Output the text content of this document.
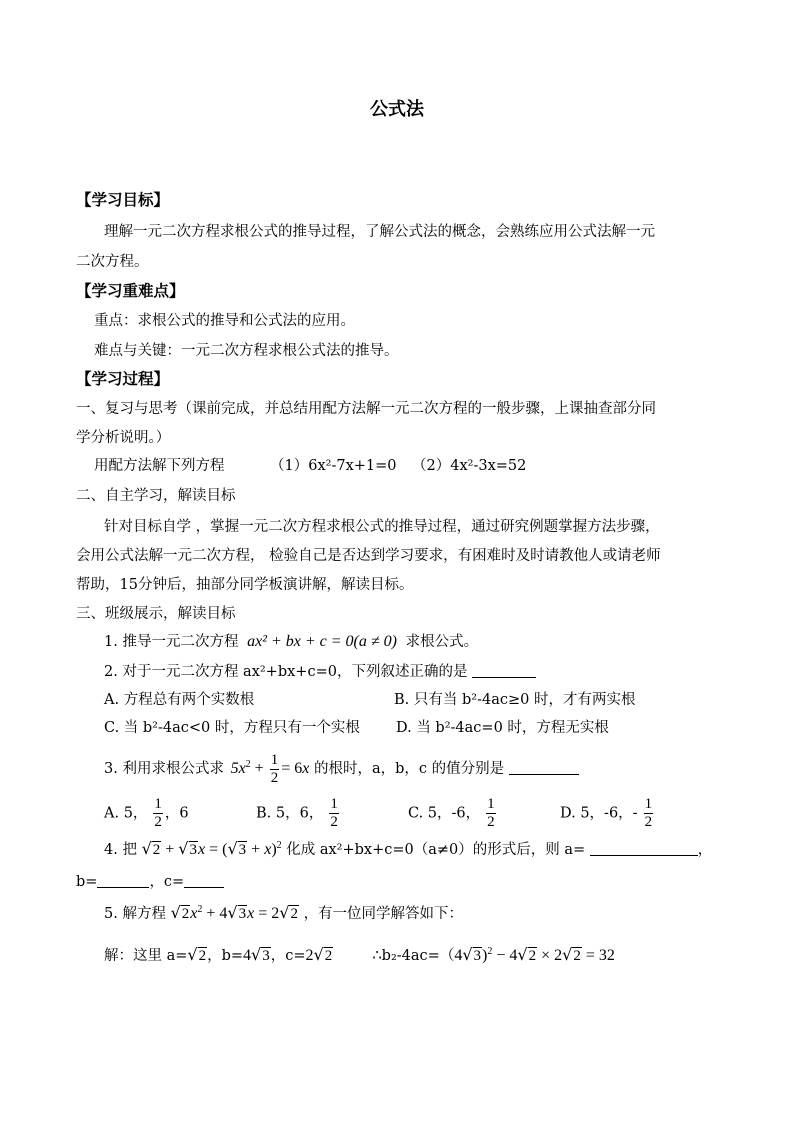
公式法
【学习目标】
理解一元二次方程求根公式的推导过程，了解公式法的概念，会熟练应用公式法解一元
二次方程。
【学习重难点】
重点：求根公式的推导和公式法的应用。
难点与关键：一元二次方程求根公式法的推导。
【学习过程】
一、复习与思考（课前完成，并总结用配方法解一元二次方程的一般步骤，上课抽查部分同
学分析说明。）
用配方法解下列方程	（1）6x²-7x+1=0 （2）4x²-3x=52
二、自主学习，解读目标
针对目标自学 ，掌握一元二次方程求根公式的推导过程，通过研究例题掌握方法步骤，
会用公式法解一元二次方程， 检验自己是否达到学习要求，有困难时及时请教他人或请老师
帮助，15分钟后，抽部分同学板演讲解，解读目标。
三、班级展示，解读目标
1. 推导一元二次方程 ax² + bx + c = 0(a ≠ 0) 求根公式。
2. 对于一元二次方程 ax²+bx+c=0，下列叙述正确的是
A. 方程总有两个实数根	B. 只有当 b²-4ac≥0 时，才有两实根
C. 当 b²-4ac<0 时，方程只有一个实根 D. 当 b²-4ac=0 时，方程无实根
3. 利用求根公式求 $5x^2 + \frac{1}{2} = 6x$ 的根时，a，b，c 的值分别是
A. 5， $\frac{1}{2}$ ，6	B. 5，6， $\frac{1}{2}$	C. 5，-6， $\frac{1}{2}$	D. 5，-6，- $\frac{1}{2}$
4. 把 $√2 + √3x = (√3 + x)^2$ 化成 ax²+bx+c=0（a≠0）的形式后，则 a=	，
b=	，c=
5. 解方程 $√2x^2 + 4√3x = 2√2$ ，有一位同学解答如下：
解：这里 a=√2，b=4√3，c=2√2	∴b₂-4ac=（4√3)$^2$ − 4√2 × 2√2 = 32
